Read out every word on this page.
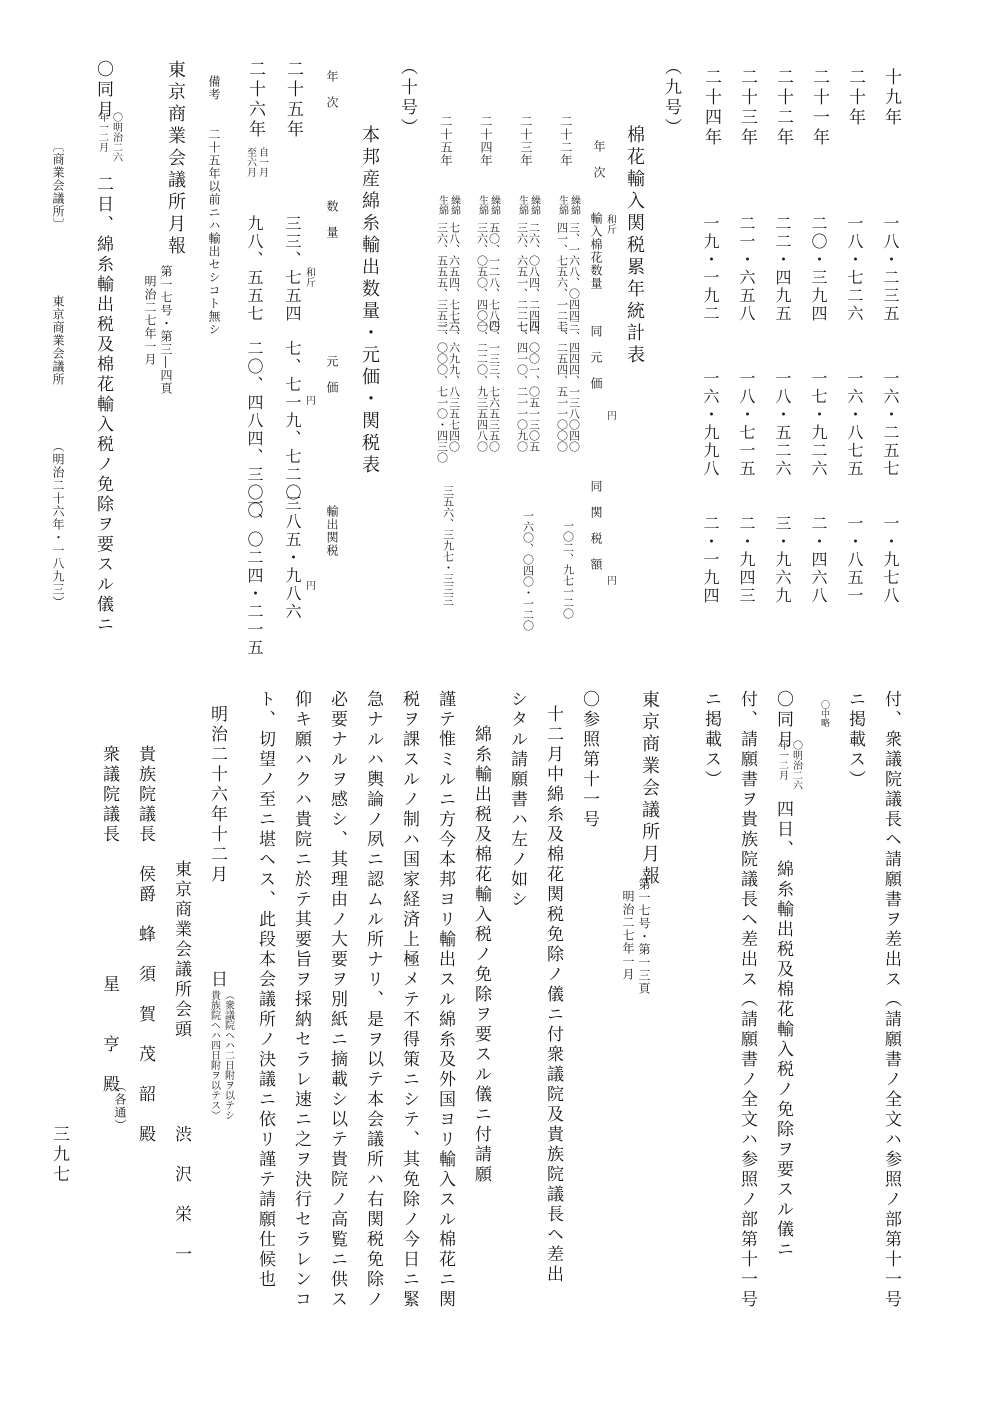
十九年
一八・二三五
一六・二五七
一・九七八
二十年
一八・七二六
一六・八七五
一・八五一
二十一年
二〇・三九四
一七・九二六
二・四六八
二十二年
二二・四九五
一八・五二六
三・九六九
二十三年
二一・六五八
一八・七一五
二・九四三
二十四年
一九・一九二
一六・九九八
二・一九四
（九号）
棉花輸入関税累年統計表
年　次
輸入棉花数量 和斤
同　元　価
円
同　関　税　額
円
二十二年
繰綿
生綿
三、一六八、〇四四
四一、七五六、一二七
三、四四四、一三八〇四〇
二、二五四、五一一〇〇〇
一〇二、九七一二〇
二十三年
繰綿
生綿
二六、〇八四、二四四
三六、六五一、二二七
四、〇〇一、〇五一三〇五
一、四一〇、二一一〇九〇
一六〇、〇四〇・一二〇
二十四年
繰綿
生綿
五〇、一二八、七八〇
三六、〇五〇、四〇〇
四、一三三、七六五三五〇
一、二二〇、九三五四八〇
二十五年
繰綿
生綿
七八、六五四、七七三
三六、五五五、三五三
六、六九九、八三五七四〇
一、〇〇〇、七一〇・四三〇
三五六、三九七・三三三
（十号）
本邦産綿糸輸出数量・元価・関税表
年　次
数　量
和斤
元　価
円
輸出関税
円
二十五年
三三、七五四
七、七一九、七二〇
三八五・九八六
二十六年
自一月
至六月
九八、五五七
二〇、四八四、三〇〇
一、〇二四・二一五
備考
二十五年以前ニハ輸出セシコト無シ
東京商業会議所月報
第一七号・第三―四頁
明治二七年一月
〇同月
〇明治二六
年一二月
二日、綿糸輸出税及棉花輸入税ノ免除ヲ要スル儀ニ
〔商業会議所〕
東京商業会議所
（明治二十六年・一八九三）
付、衆議院議長ヘ請願書ヲ差出ス（請願書ノ全文ハ参照ノ部第十一号
ニ掲載ス）
〇中略
〇同月
〇明治二六
年一二月
四日、綿糸輸出税及棉花輸入税ノ免除ヲ要スル儀ニ
付、請願書ヲ貴族院議長ヘ差出ス（請願書ノ全文ハ参照ノ部第十一号
ニ掲載ス）
東京商業会議所月報
第一七号・第一三頁
明治二七年一月
〇参照第十一号
十二月中綿糸及棉花関税免除ノ儀ニ付衆議院及貴族院議長ヘ差出
シタル請願書ハ左ノ如シ
綿糸輸出税及棉花輸入税ノ免除ヲ要スル儀ニ付請願
謹テ惟ミルニ方今本邦ヨリ輸出スル綿糸及外国ヨリ輸入スル棉花ニ関
税ヲ課スルノ制ハ国家経済上極メテ不得策ニシテ、其免除ノ今日ニ緊
急ナルハ輿論ノ夙ニ認ムル所ナリ、是ヲ以テ本会議所ハ右関税免除ノ
必要ナルヲ感シ、其理由ノ大要ヲ別紙ニ摘載シ以テ貴院ノ高覧ニ供ス
仰キ願ハクハ貴院ニ於テ其要旨ヲ採納セラレ速ニ之ヲ決行セラレンコ
ト、切望ノ至ニ堪ヘス、此段本会議所ノ決議ニ依リ謹テ請願仕候也
明治二十六年十二月
日
（衆議院ヘハ二日附ヲ以テシ
貴族院ヘハ四日附ヲ以テス）
東京商業会議所会頭
渋　沢　栄　一
貴族院議長　侯爵　蜂　須　賀　茂　韶　殿
（各通）
衆議院議長
星　　亨　殿
三九七
